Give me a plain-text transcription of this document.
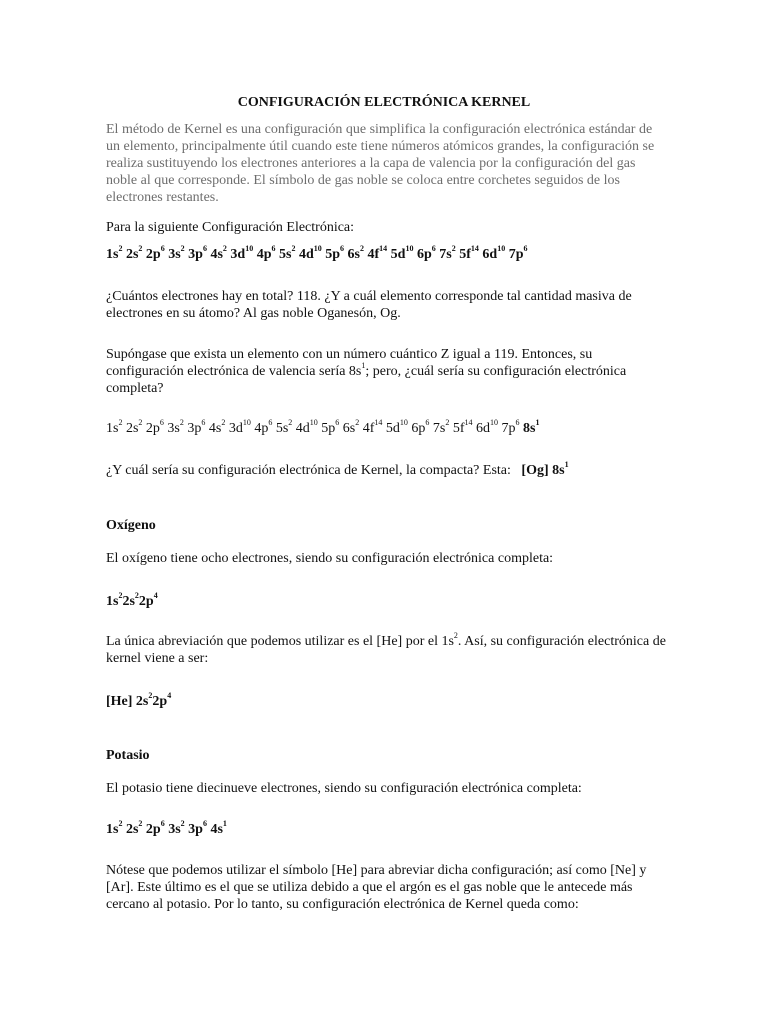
CONFIGURACIÓN ELECTRÓNICA KERNEL

El método de Kernel es una configuración que simplifica la configuración electrónica estándar de un elemento, principalmente útil cuando este tiene números atómicos grandes, la configuración se realiza sustituyendo los electrones anteriores a la capa de valencia por la configuración del gas noble al que corresponde. El símbolo de gas noble se coloca entre corchetes seguidos de los electrones restantes.

Para la siguiente Configuración Electrónica:

$1s^2$ $2s^2$ $2p^6$ $3s^2$ $3p^6$ $4s^2$ $3d^{10}$ $4p^6$ $5s^2$ $4d^{10}$ $5p^6$ $6s^2$ $4f^{14}$ $5d^{10}$ $6p^6$ $7s^2$ $5f^{14}$ $6d^{10}$ $7p^6$

¿Cuántos electrones hay en total? 118. ¿Y a cuál elemento corresponde tal cantidad masiva de electrones en su átomo? Al gas noble Oganesón, Og.

Supóngase que exista un elemento con un número cuántico Z igual a 119. Entonces, su configuración electrónica de valencia sería $8s^1$; pero, ¿cuál sería su configuración electrónica completa?

$1s^2$ $2s^2$ $2p^6$ $3s^2$ $3p^6$ $4s^2$ $3d^{10}$ $4p^6$ $5s^2$ $4d^{10}$ $5p^6$ $6s^2$ $4f^{14}$ $5d^{10}$ $6p^6$ $7s^2$ $5f^{14}$ $6d^{10}$ $7p^6$ $8s^1$

¿Y cuál sería su configuración electrónica de Kernel, la compacta? Esta: [Og] $8s^1$

Oxígeno

El oxígeno tiene ocho electrones, siendo su configuración electrónica completa:

$1s^22s^22p^4$

La única abreviación que podemos utilizar es el [He] por el $1s^2$. Así, su configuración electrónica de kernel viene a ser:

[He] $2s^22p^4$

Potasio

El potasio tiene diecinueve electrones, siendo su configuración electrónica completa:

$1s^2$ $2s^2$ $2p^6$ $3s^2$ $3p^6$ $4s^1$

Nótese que podemos utilizar el símbolo [He] para abreviar dicha configuración; así como [Ne] y [Ar]. Este último es el que se utiliza debido a que el argón es el gas noble que le antecede más cercano al potasio. Por lo tanto, su configuración electrónica de Kernel queda como:
